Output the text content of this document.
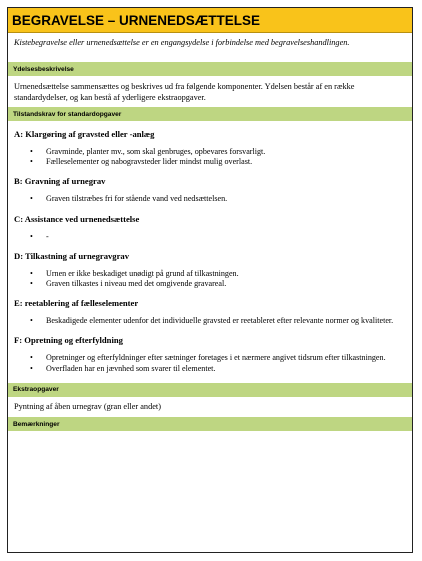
BEGRAVELSE – URNENEDSÆTTELSE
Kistebegravelse eller urnenedsættelse er en engangsydelse i forbindelse med begravelseshandlingen.
Ydelsesbeskrivelse
Urnenedsættelse sammensættes og beskrives ud fra følgende komponenter. Ydelsen består af en række standardydelser, og kan bestå af yderligere ekstraopgaver.
Tilstandskrav for standardopgaver
A: Klargøring af gravsted eller -anlæg
• Gravminde, planter mv., som skal genbruges, opbevares forsvarligt.
• Fælleselementer og nabogravsteder lider mindst mulig overlast.
B: Gravning af urnegrav
• Graven tilstræbes fri for stående vand ved nedsættelsen.
C: Assistance ved urnenedsættelse
• -
D: Tilkastning af urnegravgrav
• Urnen er ikke beskadiget unødigt på grund af tilkastningen.
• Graven tilkastes i niveau med det omgivende gravareal.
E: reetablering af fælleselementer
• Beskadigede elementer udenfor det individuelle gravsted er reetableret efter relevante normer og kvaliteter.
F: Opretning og efterfyldning
• Opretninger og efterfyldninger efter sætninger foretages i et nærmere angivet tidsrum efter tilkastningen.
• Overfladen har en jævnhed som svarer til elementet.
Ekstraopgaver
Pyntning af åben urnegrav (gran eller andet)
Bemærkninger
